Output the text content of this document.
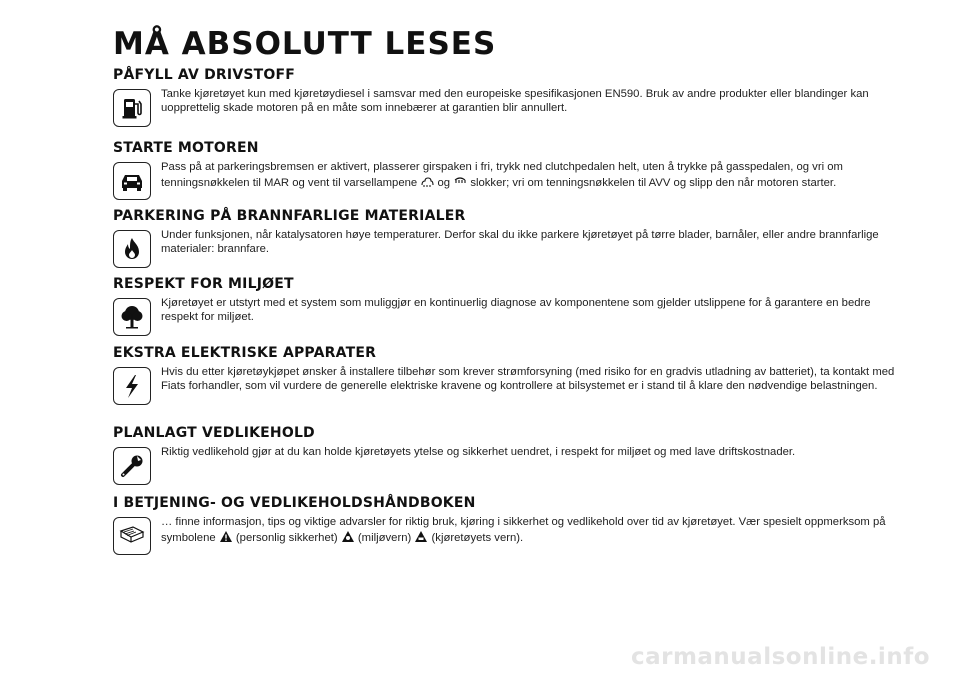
MÅ ABSOLUTT LESES
PÅFYLL AV DRIVSTOFF
Tanke kjøretøyet kun med kjøretøydiesel i samsvar med den europeiske spesifikasjonen EN590. Bruk av andre produkter eller blandinger kan uopprettelig skade motoren på en måte som innebærer at garantien blir annullert.
STARTE MOTOREN
Pass på at parkeringsbremsen er aktivert, plasserer girspaken i fri, trykk ned clutchpedalen helt, uten å trykke på gasspedalen, og vri om tenningsnøkkelen til MAR og vent til varsellampene og slokker; vri om tenningsnøkkelen til AVV og slipp den når motoren starter.
PARKERING PÅ BRANNFARLIGE MATERIALER
Under funksjonen, når katalysatoren høye temperaturer. Derfor skal du ikke parkere kjøretøyet på tørre blader, barnåler, eller andre brannfarlige materialer: brannfare.
RESPEKT FOR MILJØET
Kjøretøyet er utstyrt med et system som muliggjør en kontinuerlig diagnose av komponentene som gjelder utslippene for å garantere en bedre respekt for miljøet.
EKSTRA ELEKTRISKE APPARATER
Hvis du etter kjøretøykjøpet ønsker å installere tilbehør som krever strømforsyning (med risiko for en gradvis utladning av batteriet), ta kontakt med Fiats forhandler, som vil vurdere de generelle elektriske kravene og kontrollere at bilsystemet er i stand til å klare den nødvendige belastningen.
PLANLAGT VEDLIKEHOLD
Riktig vedlikehold gjør at du kan holde kjøretøyets ytelse og sikkerhet uendret, i respekt for miljøet og med lave driftskostnader.
I BETJENING- OG VEDLIKEHOLDSHÅNDBOKEN
… finne informasjon, tips og viktige advarsler for riktig bruk, kjøring i sikkerhet og vedlikehold over tid av kjøretøyet. Vær spesielt oppmerksom på symbolene (personlig sikkerhet) (miljøvern) (kjøretøyets vern).
carmanualsonline.info
